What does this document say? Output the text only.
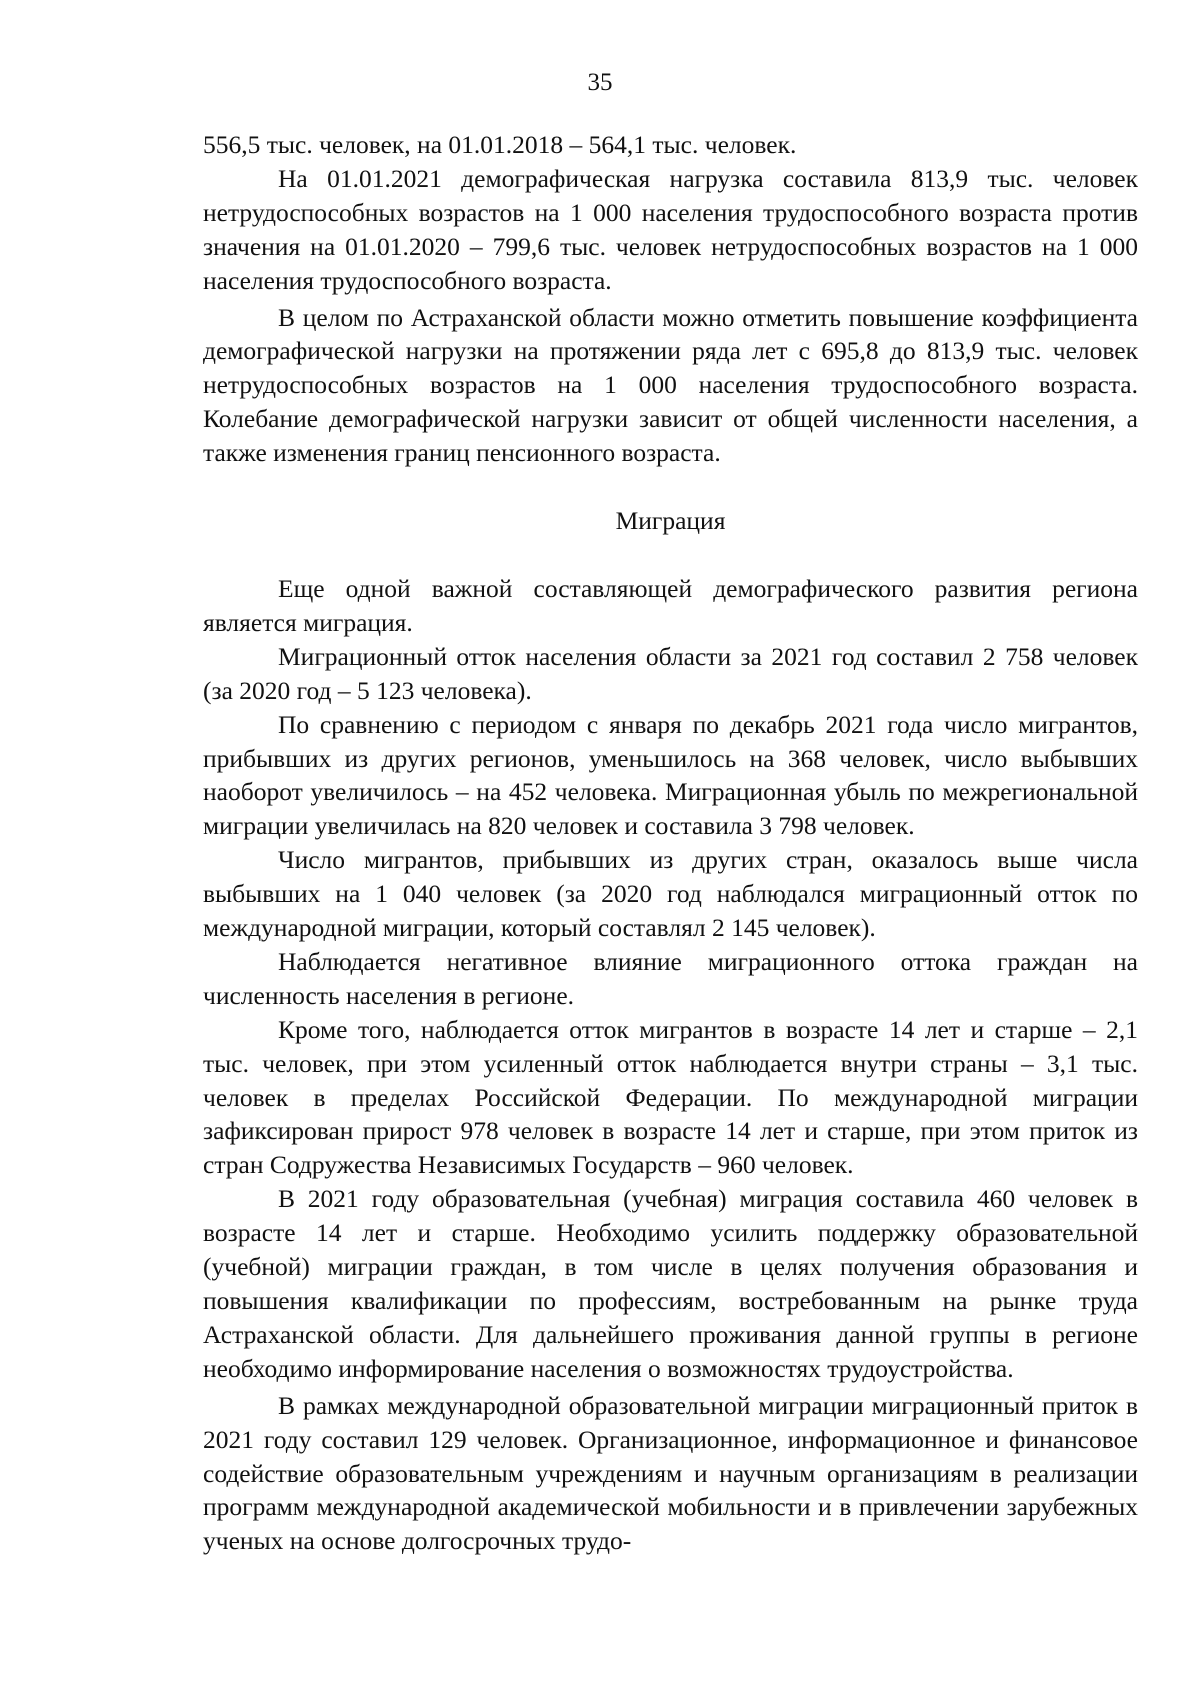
35

556,5 тыс. человек, на 01.01.2018 – 564,1 тыс. человек.

На 01.01.2021 демографическая нагрузка составила 813,9 тыс. человек нетрудоспособных возрастов на 1 000 населения трудоспособного возраста против значения на 01.01.2020 – 799,6 тыс. человек нетрудоспособных возрастов на 1 000 населения трудоспособного возраста.

В целом по Астраханской области можно отметить повышение коэффициента демографической нагрузки на протяжении ряда лет с 695,8 до 813,9 тыс. человек нетрудоспособных возрастов на 1 000 населения трудоспособного возраста. Колебание демографической нагрузки зависит от общей численности населения, а также изменения границ пенсионного возраста.

Миграция

Еще одной важной составляющей демографического развития региона является миграция.

Миграционный отток населения области за 2021 год составил 2 758 человек (за 2020 год – 5 123 человека).

По сравнению с периодом с января по декабрь 2021 года число мигрантов, прибывших из других регионов, уменьшилось на 368 человек, число выбывших наоборот увеличилось – на 452 человека. Миграционная убыль по межрегиональной миграции увеличилась на 820 человек и составила 3 798 человек.

Число мигрантов, прибывших из других стран, оказалось выше числа выбывших на 1 040 человек (за 2020 год наблюдался миграционный отток по международной миграции, который составлял 2 145 человек).

Наблюдается негативное влияние миграционного оттока граждан на численность населения в регионе.

Кроме того, наблюдается отток мигрантов в возрасте 14 лет и старше – 2,1 тыс. человек, при этом усиленный отток наблюдается внутри страны – 3,1 тыс. человек в пределах Российской Федерации. По международной миграции зафиксирован прирост 978 человек в возрасте 14 лет и старше, при этом приток из стран Содружества Независимых Государств – 960 человек.

В 2021 году образовательная (учебная) миграция составила 460 человек в возрасте 14 лет и старше. Необходимо усилить поддержку образовательной (учебной) миграции граждан, в том числе в целях получения образования и повышения квалификации по профессиям, востребованным на рынке труда Астраханской области. Для дальнейшего проживания данной группы в регионе необходимо информирование населения о возможностях трудоустройства.

В рамках международной образовательной миграции миграционный приток в 2021 году составил 129 человек. Организационное, информационное и финансовое содействие образовательным учреждениям и научным организациям в реализации программ международной академической мобильности и в привлечении зарубежных ученых на основе долгосрочных трудо-
